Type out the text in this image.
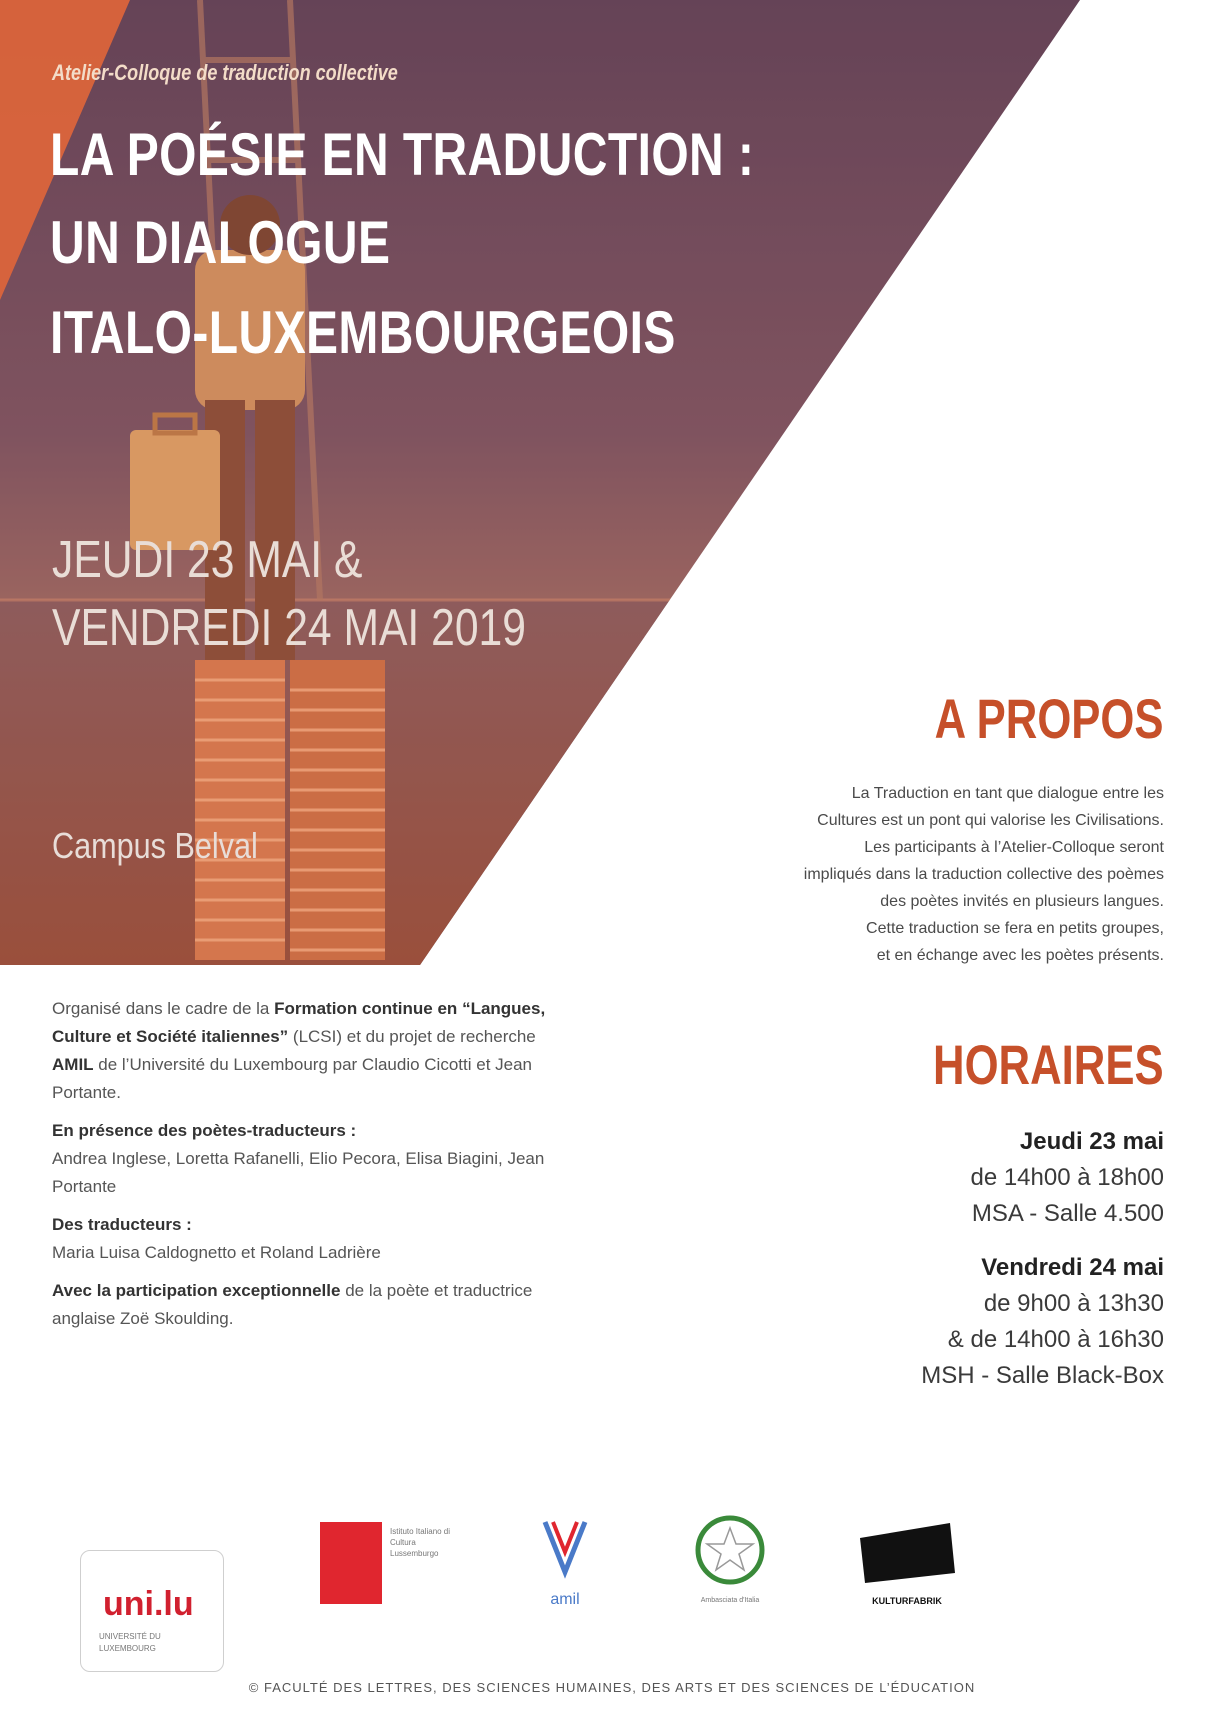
Atelier-Colloque de traduction collective

LA POÉSIE EN TRADUCTION :
UN DIALOGUE
ITALO-LUXEMBOURGEOIS

JEUDI 23 MAI &

VENDREDI 24 MAI 2019

Campus Belval

A PROPOS

La Traduction en tant que dialogue entre les

Cultures est un pont qui valorise les Civilisations.

Les participants à l’Atelier-Colloque seront

impliqués dans la traduction collective des poèmes

des poètes invités en plusieurs langues.

Cette traduction se fera en petits groupes,

et en échange avec les poètes présents.

HORAIRES

Jeudi 23 mai

de 14h00 à 18h00

MSA - Salle 4.500

Vendredi 24 mai

de 9h00 à 13h30

& de 14h00 à 16h30

MSH - Salle Black-Box

Organisé dans le cadre de la Formation continue en “Langues, Culture et Société italiennes” (LCSI) et du projet de recherche AMIL de l’Université du Luxembourg par Claudio Cicotti et Jean Portante.

En présence des poètes-traducteurs :
Andrea Inglese, Loretta Rafanelli, Elio Pecora, Elisa Biagini, Jean Portante

Des traducteurs :
Maria Luisa Caldognetto et Roland Ladrière

Avec la participation exceptionnelle de la poète et traductrice anglaise Zoë Skoulding.

uni.lu
UNIVERSITÉ DU LUXEMBOURG
Istituto Italiano di Cultura Lussemburgo
amil	Ambasciata d'Italia	KULTURFABRIK

© FACULTÉ DES LETTRES, DES SCIENCES HUMAINES, DES ARTS ET DES SCIENCES DE L’ÉDUCATION
